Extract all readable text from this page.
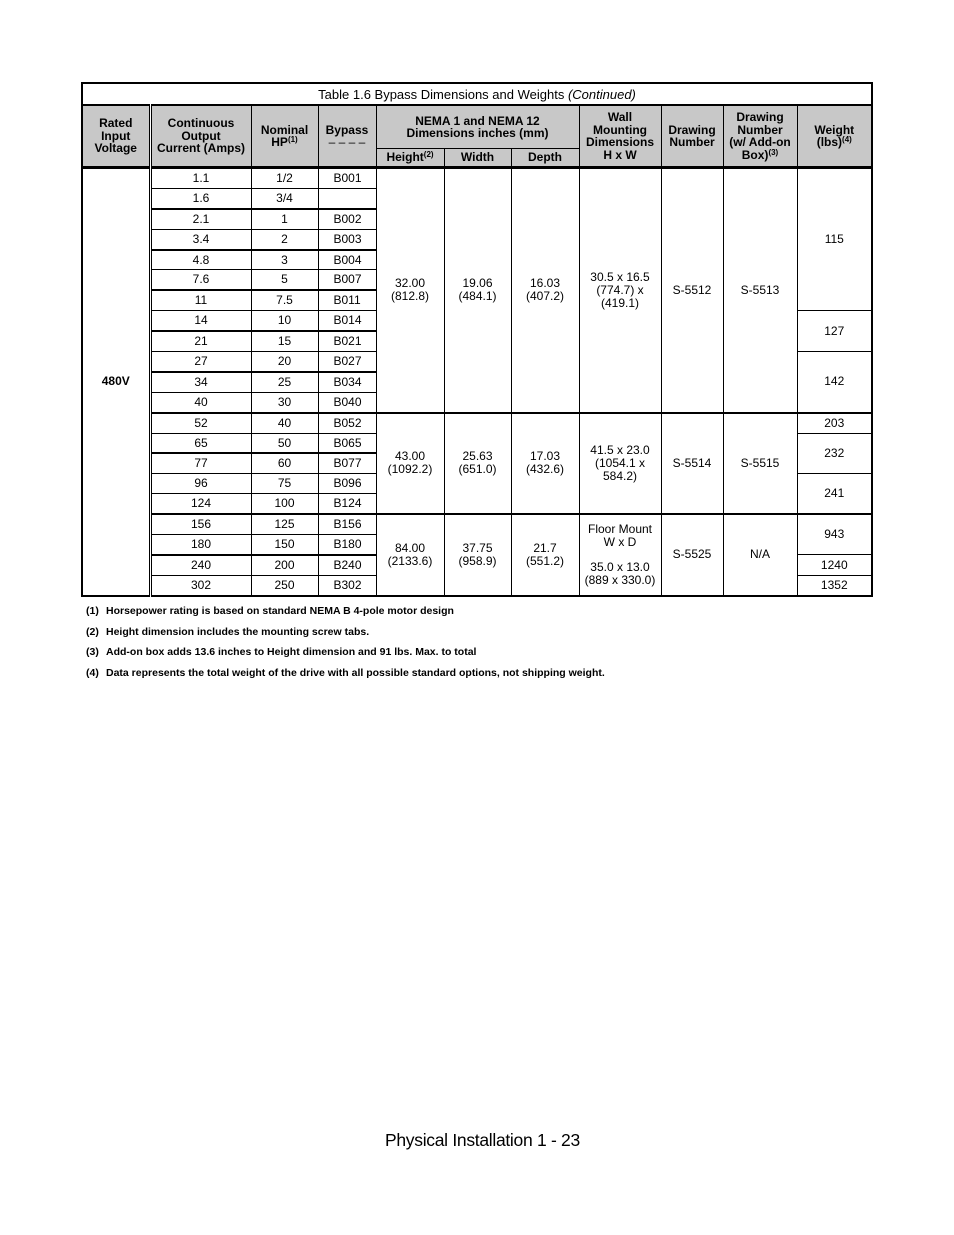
Table 1.6 Bypass Dimensions and Weights (Continued)										
Rated
Input
Voltage	Continuous
Output
Current (Amps)	Nominal
HP$^{(1)}$	Bypass
– – – –	NEMA 1 and NEMA 12
Dimensions inches (mm)			Wall
Mounting
Dimensions
H x W	Drawing
Number	Drawing
Number
(w/ Add-on
Box)$^{(3)}$	Weight
(lbs)$^{(4)}$
				Height$^{(2)}$	Width	Depth				
480V	1.1	1/2	B001	32.00
(812.8)	19.06
(484.1)	16.03
(407.2)	30.5 x 16.5
(774.7) x
(419.1)	S-5512	S-5513	115
	1.6	3/4								
	2.1	1	B002							
	3.4	2	B003							
	4.8	3	B004							
	7.6	5	B007							
	11	7.5	B011							
	14	10	B014							127
	21	15	B021							
	27	20	B027							142
	34	25	B034							
	40	30	B040							
	52	40	B052	43.00
(1092.2)	25.63
(651.0)	17.03
(432.6)	41.5 x 23.0
(1054.1 x
584.2)	S-5514	S-5515	203
	65	50	B065							232
	77	60	B077							
	96	75	B096							241
	124	100	B124							
	156	125	B156	84.00
(2133.6)	37.75
(958.9)	21.7
(551.2)	Floor Mount
W x D
35.0 x 13.0
(889 x 330.0)	S-5525	N/A	943
	180	150	B180							
	240	200	B240							1240
	302	250	B302							1352
(1) Horsepower rating is based on standard NEMA B 4-pole motor design
(2) Height dimension includes the mounting screw tabs.
(3) Add-on box adds 13.6 inches to Height dimension and 91 lbs. Max. to total
(4) Data represents the total weight of the drive with all possible standard options, not shipping weight.
Physical Installation 1 - 23
